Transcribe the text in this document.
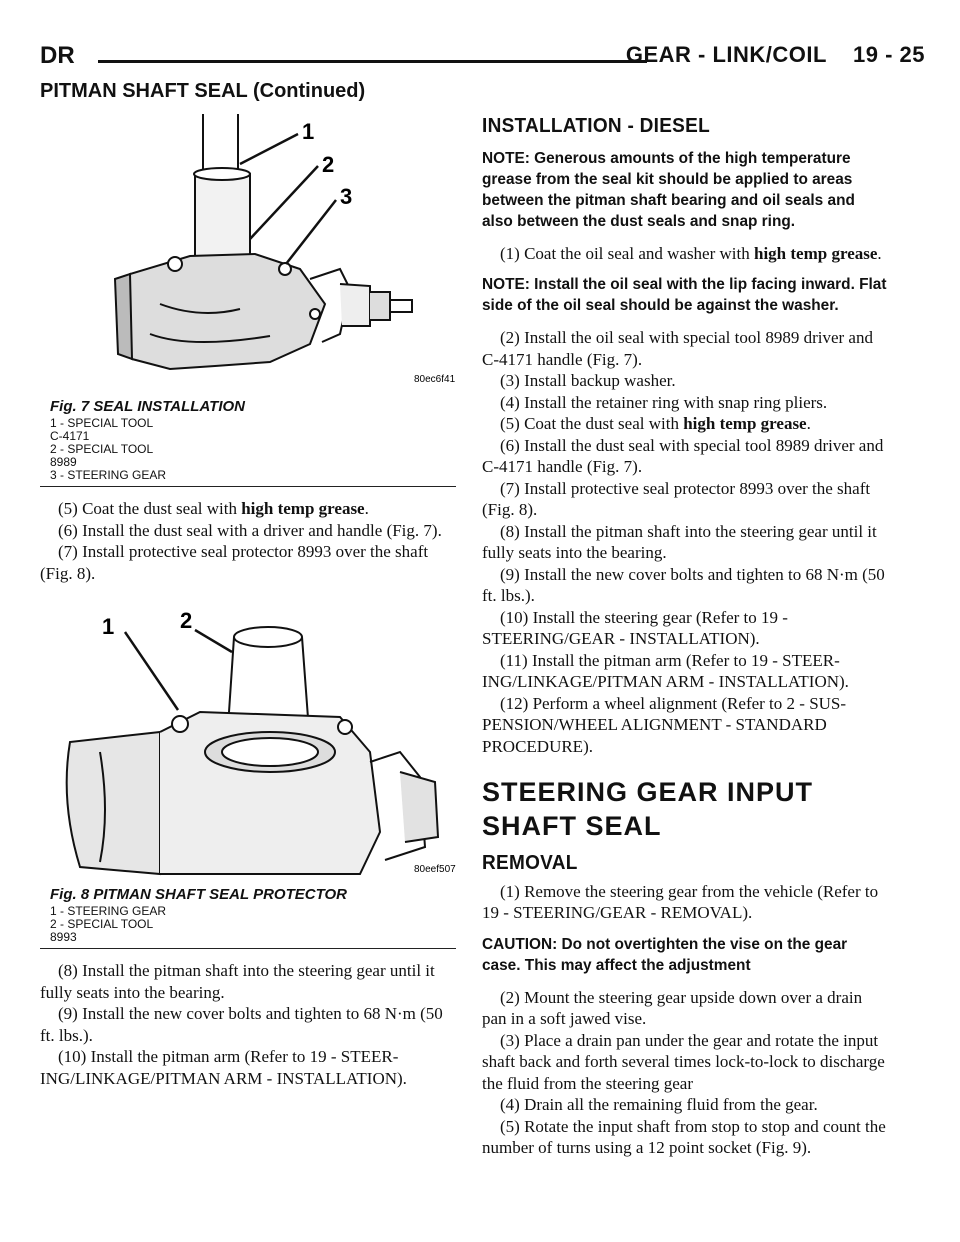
DR	GEAR - LINK/COIL    19 - 25
PITMAN SHAFT SEAL (Continued)
1
2
3
80ec6f41

Fig. 7 SEAL INSTALLATION

1 - SPECIAL TOOL
C-4171
2 - SPECIAL TOOL
8989
3 - STEERING GEAR

(5) Coat the dust seal with high temp grease.

(6) Install the dust seal with a driver and handle (Fig. 7).

(7) Install protective seal protector 8993 over the shaft (Fig. 8).

1	2
80eef507

Fig. 8 PITMAN SHAFT SEAL PROTECTOR

1 - STEERING GEAR
2 - SPECIAL TOOL
8993

(8) Install the pitman shaft into the steering gear until it fully seats into the bearing.

(9) Install the new cover bolts and tighten to 68 N·m (50 ft. lbs.).

(10) Install the pitman arm (Refer to 19 - STEER-ING/LINKAGE/PITMAN ARM - INSTALLATION).

INSTALLATION - DIESEL

NOTE: Generous amounts of the high temperature grease from the seal kit should be applied to areas between the pitman shaft bearing and oil seals and also between the dust seals and snap ring.

(1) Coat the oil seal and washer with high temp grease.

NOTE: Install the oil seal with the lip facing inward. Flat side of the oil seal should be against the washer.

(2) Install the oil seal with special tool 8989 driver and C-4171 handle (Fig. 7).

(3) Install backup washer.

(4) Install the retainer ring with snap ring pliers.

(5) Coat the dust seal with high temp grease.

(6) Install the dust seal with special tool 8989 driver and C-4171 handle (Fig. 7).

(7) Install protective seal protector 8993 over the shaft (Fig. 8).

(8) Install the pitman shaft into the steering gear until it fully seats into the bearing.

(9) Install the new cover bolts and tighten to 68 N·m (50 ft. lbs.).

(10) Install the steering gear (Refer to 19 - STEERING/GEAR - INSTALLATION).

(11) Install the pitman arm (Refer to 19 - STEER-ING/LINKAGE/PITMAN ARM - INSTALLATION).

(12) Perform a wheel alignment (Refer to 2 - SUS-PENSION/WHEEL ALIGNMENT - STANDARD PROCEDURE).

STEERING GEAR INPUT
SHAFT SEAL
REMOVAL

(1) Remove the steering gear from the vehicle (Refer to 19 - STEERING/GEAR - REMOVAL).

CAUTION: Do not overtighten the vise on the gear case. This may affect the adjustment

(2) Mount the steering gear upside down over a drain pan in a soft jawed vise.

(3) Place a drain pan under the gear and rotate the input shaft back and forth several times lock-to-lock to discharge the fluid from the steering gear

(4) Drain all the remaining fluid from the gear.

(5) Rotate the input shaft from stop to stop and count the number of turns using a 12 point socket (Fig. 9).
